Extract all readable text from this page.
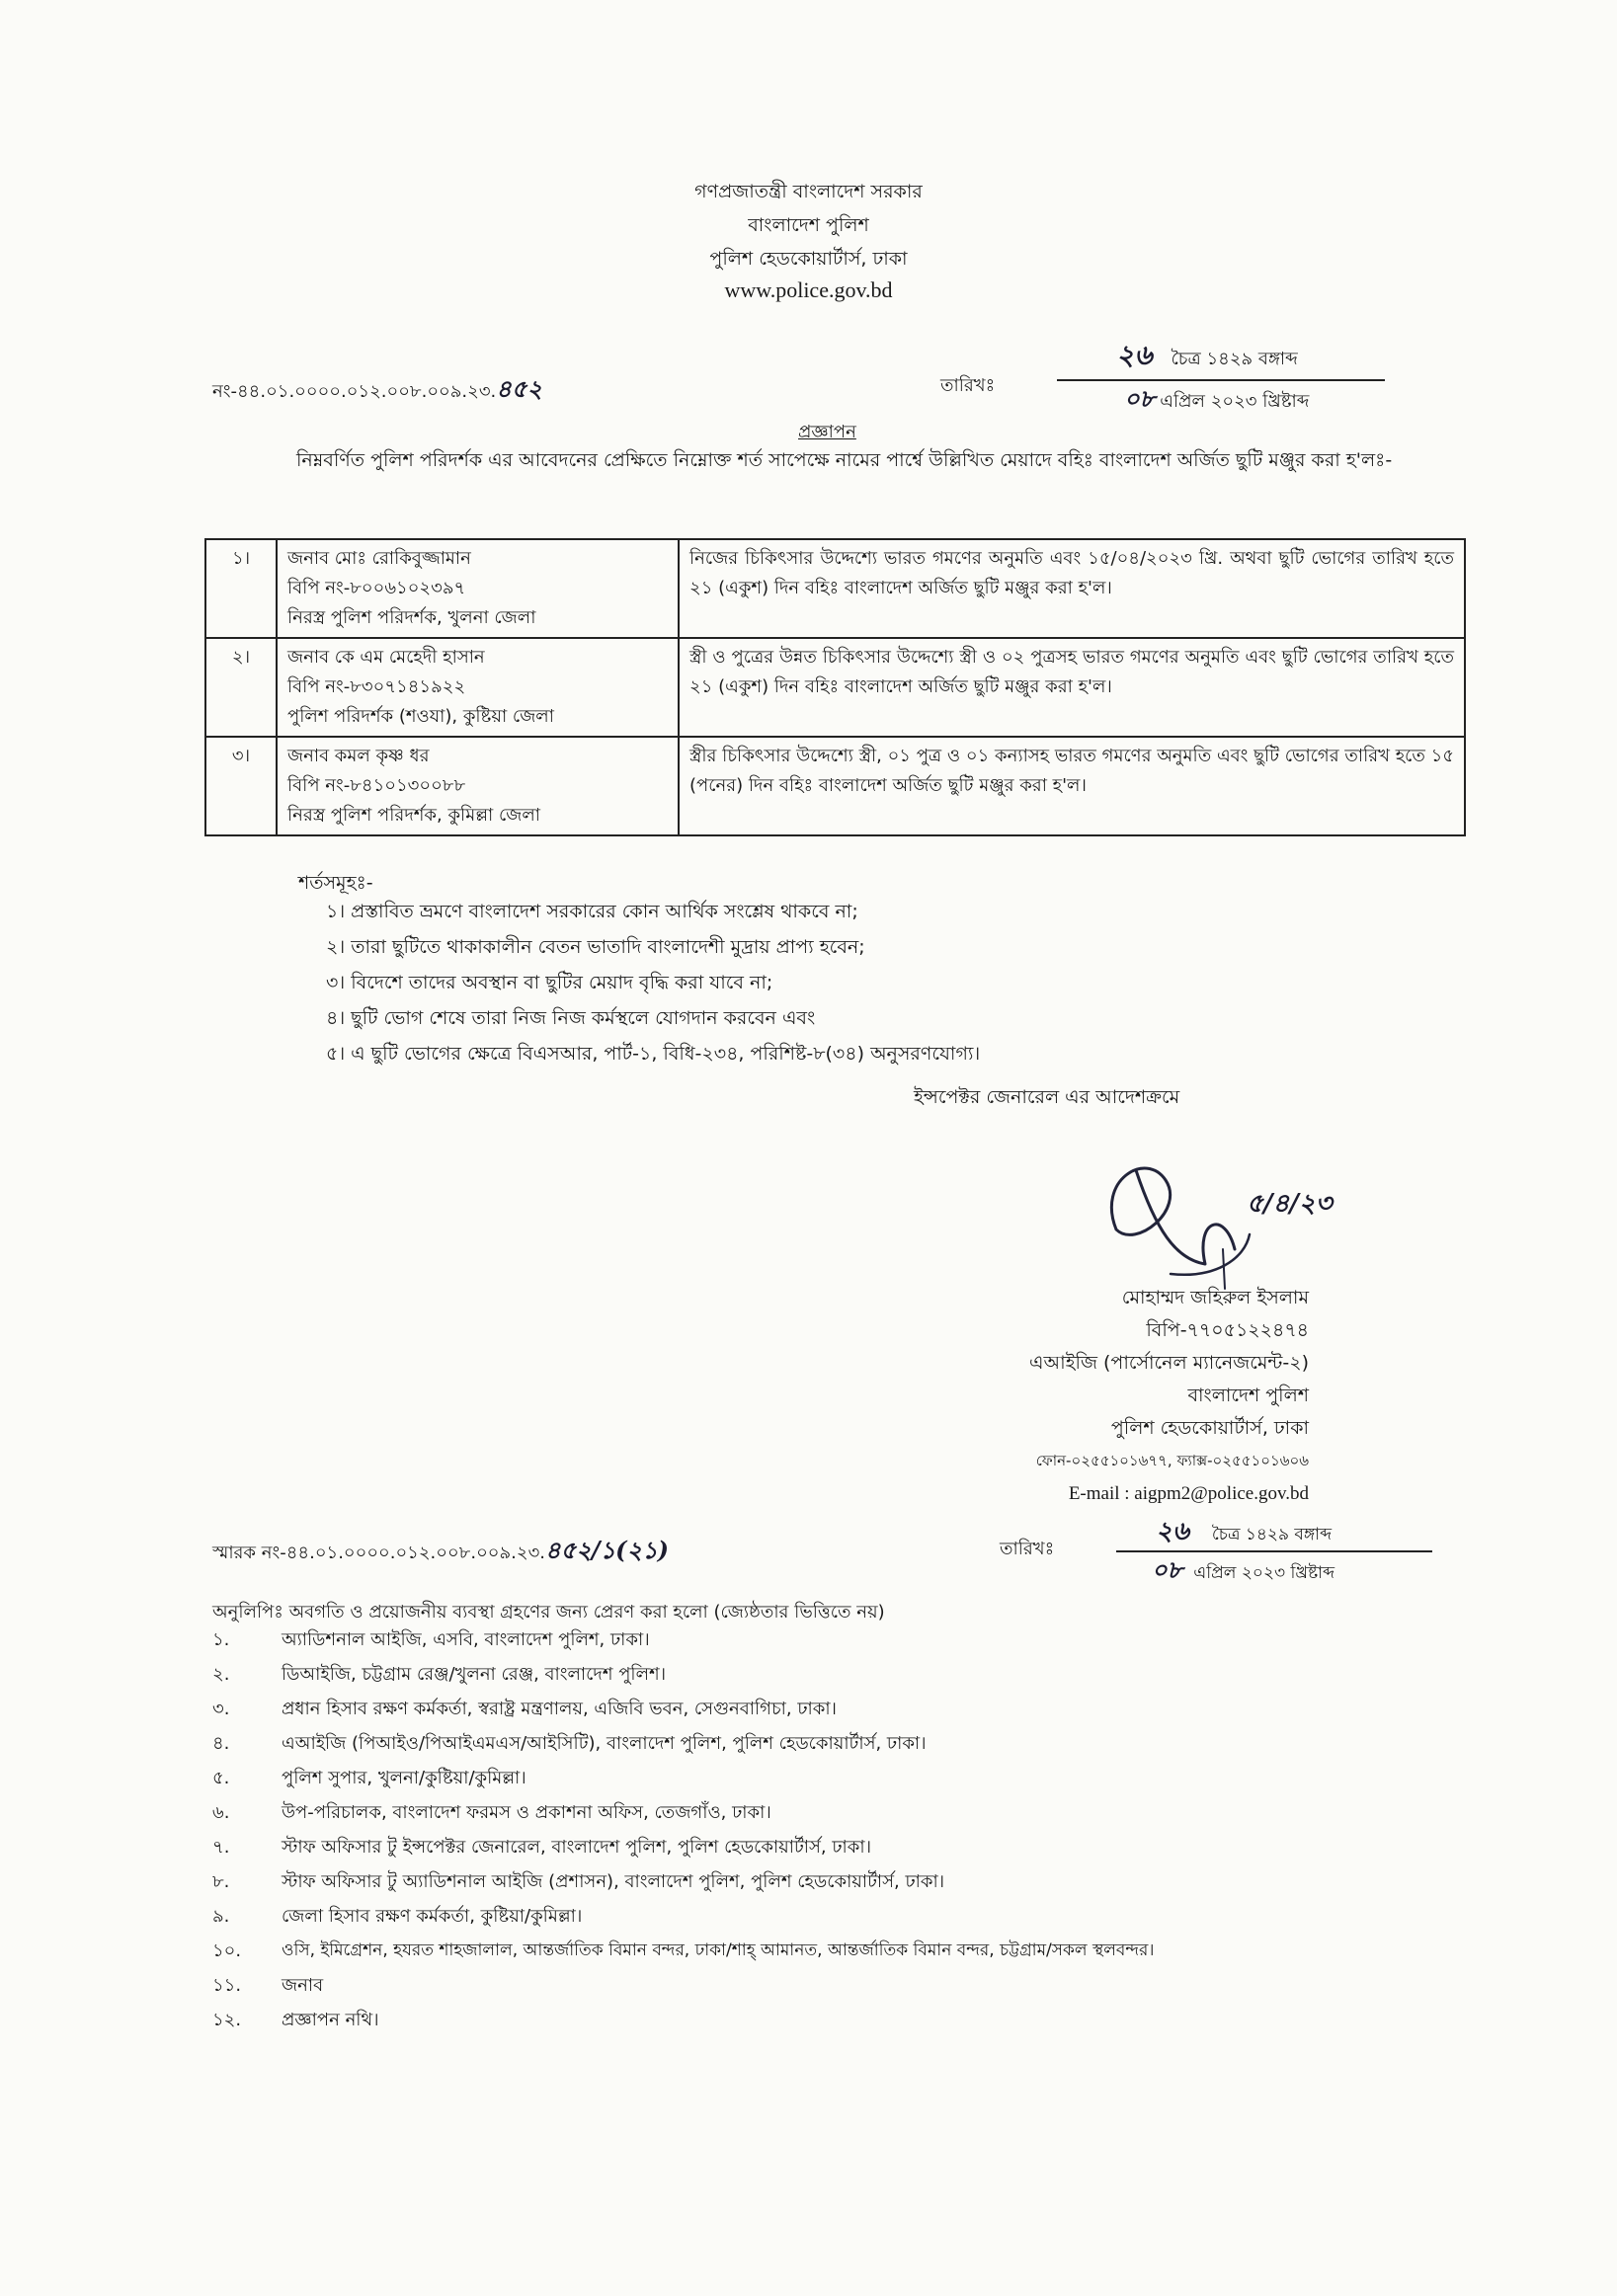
গণপ্রজাতন্ত্রী বাংলাদেশ সরকার
বাংলাদেশ পুলিশ
পুলিশ হেডকোয়ার্টার্স, ঢাকা
www.police.gov.bd
নং-৪৪.০১.০০০০.০১২.০০৮.০০৯.২৩.৪৫২	তারিখঃ
২৬ চৈত্র ১৪২৯ বঙ্গাব্দ
০৮ এপ্রিল ২০২৩ খ্রিষ্টাব্দ
প্রজ্ঞাপন
নিম্নবর্ণিত পুলিশ পরিদর্শক এর আবেদনের প্রেক্ষিতে নিম্নোক্ত শর্ত সাপেক্ষে নামের পার্শ্বে উল্লিখিত মেয়াদে বহিঃ বাংলাদেশ অর্জিত ছুটি মঞ্জুর করা হ'লঃ-
১।	জনাব মোঃ রোকিবুজ্জামান
বিপি নং-৮০০৬১০২৩৯৭
নিরস্ত্র পুলিশ পরিদর্শক, খুলনা জেলা	নিজের চিকিৎসার উদ্দেশ্যে ভারত গমণের অনুমতি এবং ১৫/০৪/২০২৩ খ্রি. অথবা ছুটি ভোগের তারিখ হতে ২১ (একুশ) দিন বহিঃ বাংলাদেশ অর্জিত ছুটি মঞ্জুর করা হ'ল।
২।	জনাব কে এম মেহেদী হাসান
বিপি নং-৮৩০৭১৪১৯২২
পুলিশ পরিদর্শক (শওযা), কুষ্টিয়া জেলা	স্ত্রী ও পুত্রের উন্নত চিকিৎসার উদ্দেশ্যে স্ত্রী ও ০২ পুত্রসহ ভারত গমণের অনুমতি এবং ছুটি ভোগের তারিখ হতে ২১ (একুশ) দিন বহিঃ বাংলাদেশ অর্জিত ছুটি মঞ্জুর করা হ'ল।
৩।	জনাব কমল কৃষ্ণ ধর
বিপি নং-৮৪১০১৩০০৮৮
নিরস্ত্র পুলিশ পরিদর্শক, কুমিল্লা জেলা	স্ত্রীর চিকিৎসার উদ্দেশ্যে স্ত্রী, ০১ পুত্র ও ০১ কন্যাসহ ভারত গমণের অনুমতি এবং ছুটি ভোগের তারিখ হতে ১৫ (পনের) দিন বহিঃ বাংলাদেশ অর্জিত ছুটি মঞ্জুর করা হ'ল।
শর্তসমূহঃ-
১। প্রস্তাবিত ভ্রমণে বাংলাদেশ সরকারের কোন আর্থিক সংশ্লেষ থাকবে না;
২। তারা ছুটিতে থাকাকালীন বেতন ভাতাদি বাংলাদেশী মুদ্রায় প্রাপ্য হবেন;
৩। বিদেশে তাদের অবস্থান বা ছুটির মেয়াদ বৃদ্ধি করা যাবে না;
৪। ছুটি ভোগ শেষে তারা নিজ নিজ কর্মস্থলে যোগদান করবেন এবং
৫। এ ছুটি ভোগের ক্ষেত্রে বিএসআর, পার্ট-১, বিধি-২৩৪, পরিশিষ্ট-৮(৩৪) অনুসরণযোগ্য।
ইন্সপেক্টর জেনারেল এর আদেশক্রমে
৫/৪/২৩
মোহাম্মদ জহিরুল ইসলাম
বিপি-৭৭০৫১২২৪৭৪
এআইজি (পার্সোনেল ম্যানেজমেন্ট-২)
বাংলাদেশ পুলিশ
পুলিশ হেডকোয়ার্টার্স, ঢাকা
ফোন-০২৫৫১০১৬৭৭, ফ্যাক্স-০২৫৫১০১৬০৬
E-mail : aigpm2@police.gov.bd
স্মারক নং-৪৪.০১.০০০০.০১২.০০৮.০০৯.২৩.৪৫২/১(২১)	তারিখঃ
২৬ চৈত্র ১৪২৯ বঙ্গাব্দ
০৮ এপ্রিল ২০২৩ খ্রিষ্টাব্দ
অনুলিপিঃ অবগতি ও প্রয়োজনীয় ব্যবস্থা গ্রহণের জন্য প্রেরণ করা হলো (জ্যেষ্ঠতার ভিত্তিতে নয়)
১.	অ্যাডিশনাল আইজি, এসবি, বাংলাদেশ পুলিশ, ঢাকা।
২.	ডিআইজি, চট্টগ্রাম রেঞ্জ/খুলনা রেঞ্জ, বাংলাদেশ পুলিশ।
৩.	প্রধান হিসাব রক্ষণ কর্মকর্তা, স্বরাষ্ট্র মন্ত্রণালয়, এজিবি ভবন, সেগুনবাগিচা, ঢাকা।
৪.	এআইজি (পিআইও/পিআইএমএস/আইসিটি), বাংলাদেশ পুলিশ, পুলিশ হেডকোয়ার্টার্স, ঢাকা।
৫.	পুলিশ সুপার, খুলনা/কুষ্টিয়া/কুমিল্লা।
৬.	উপ-পরিচালক, বাংলাদেশ ফরমস ও প্রকাশনা অফিস, তেজগাঁও, ঢাকা।
৭.	স্টাফ অফিসার টু ইন্সপেক্টর জেনারেল, বাংলাদেশ পুলিশ, পুলিশ হেডকোয়ার্টার্স, ঢাকা।
৮.	স্টাফ অফিসার টু অ্যাডিশনাল আইজি (প্রশাসন), বাংলাদেশ পুলিশ, পুলিশ হেডকোয়ার্টার্স, ঢাকা।
৯.	জেলা হিসাব রক্ষণ কর্মকর্তা, কুষ্টিয়া/কুমিল্লা।
১০.	ওসি, ইমিগ্রেশন, হযরত শাহজালাল, আন্তর্জাতিক বিমান বন্দর, ঢাকা/শাহ্ আমানত, আন্তর্জাতিক বিমান বন্দর, চট্টগ্রাম/সকল স্থলবন্দর।
১১.	জনাব
১২.	প্রজ্ঞাপন নথি।
